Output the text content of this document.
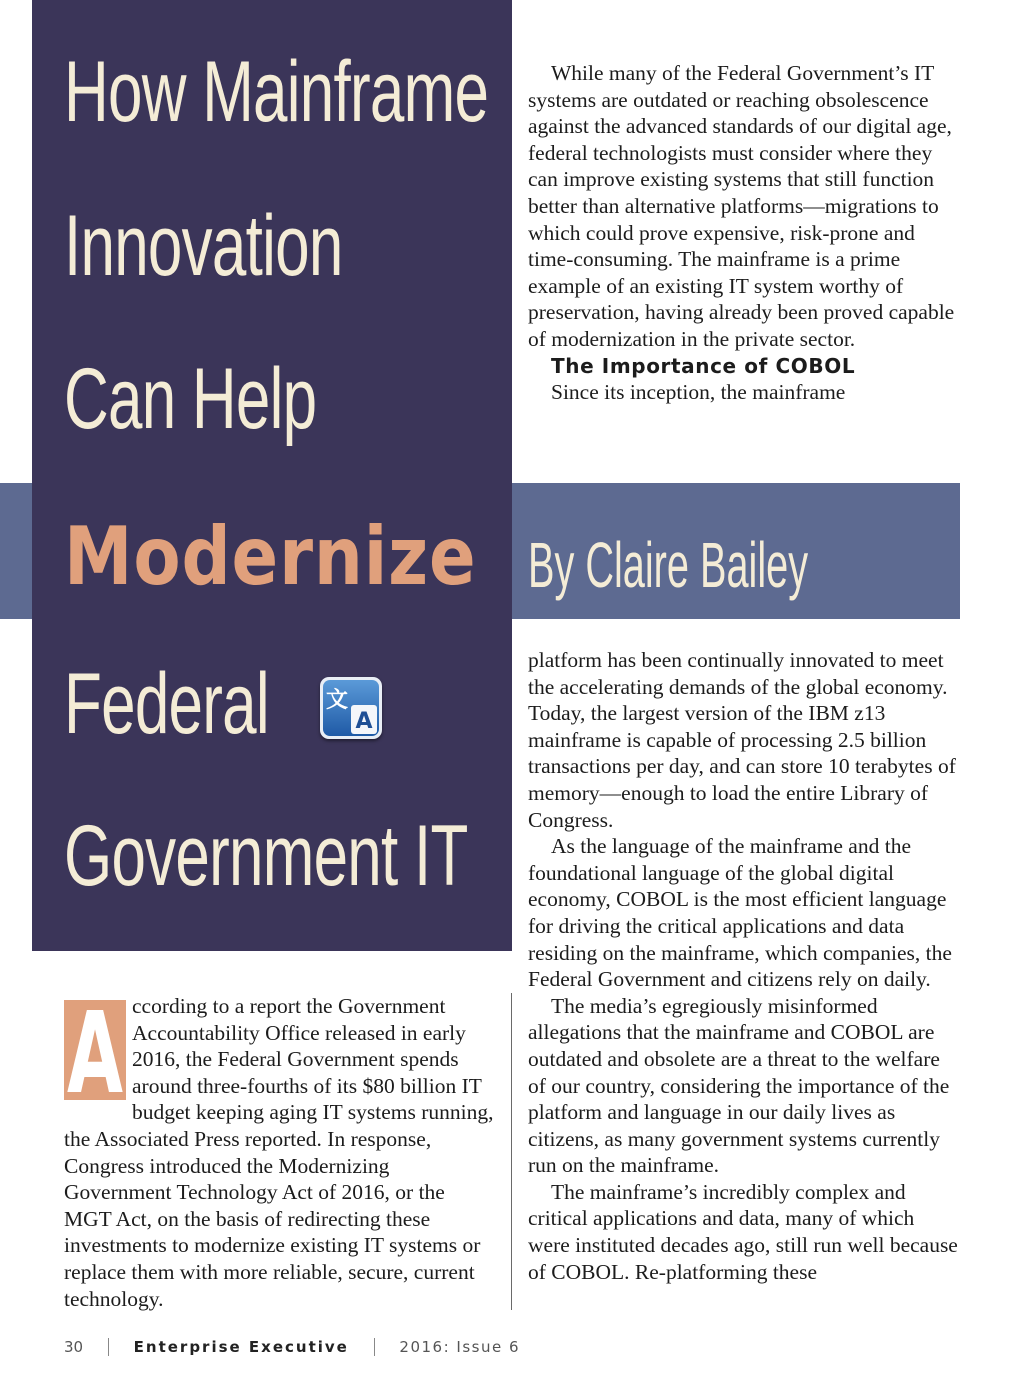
How Mainframe
Innovation
Can Help
Modernize
Federal
Government IT
A
文
By Claire Bailey

While many of the Federal Government’s IT systems are outdated or reaching obsolescence against the advanced standards of our digital age, federal technologists must consider where they can improve existing systems that still function better than alternative platforms—migrations to which could prove expensive, risk-prone and time-consuming. The mainframe is a prime example of an existing IT system worthy of preservation, having already been proved capable of modernization in the private sector.

The Importance of COBOL

Since its inception, the mainframe

platform has been continually innovated to meet the accelerating demands of the global economy. Today, the largest version of the IBM z13 mainframe is capable of processing 2.5 billion transactions per day, and can store 10 terabytes of memory—enough to load the entire Library of Congress.

As the language of the mainframe and the foundational language of the global digital economy, COBOL is the most efficient language for driving the critical applications and data residing on the mainframe, which companies, the Federal Government and citizens rely on daily.

The media’s egregiously misinformed allegations that the mainframe and COBOL are outdated and obsolete are a threat to the welfare of our country, considering the importance of the platform and language in our daily lives as citizens, as many government systems currently run on the mainframe.

The mainframe’s incredibly complex and critical applications and data, many of which were instituted decades ago, still run well because of COBOL. Re-platforming these

A ccording to a report the Government Accountability Office released in early 2016, the Federal Government spends around three-fourths of its $80 billion IT budget keeping aging IT systems running, the Associated Press reported. In response, Congress introduced the Modernizing Government Technology Act of 2016, or the MGT Act, on the basis of redirecting these investments to modernize existing IT systems or replace them with more reliable, secure, current technology.

30	Enterprise Executive	2016: Issue 6
